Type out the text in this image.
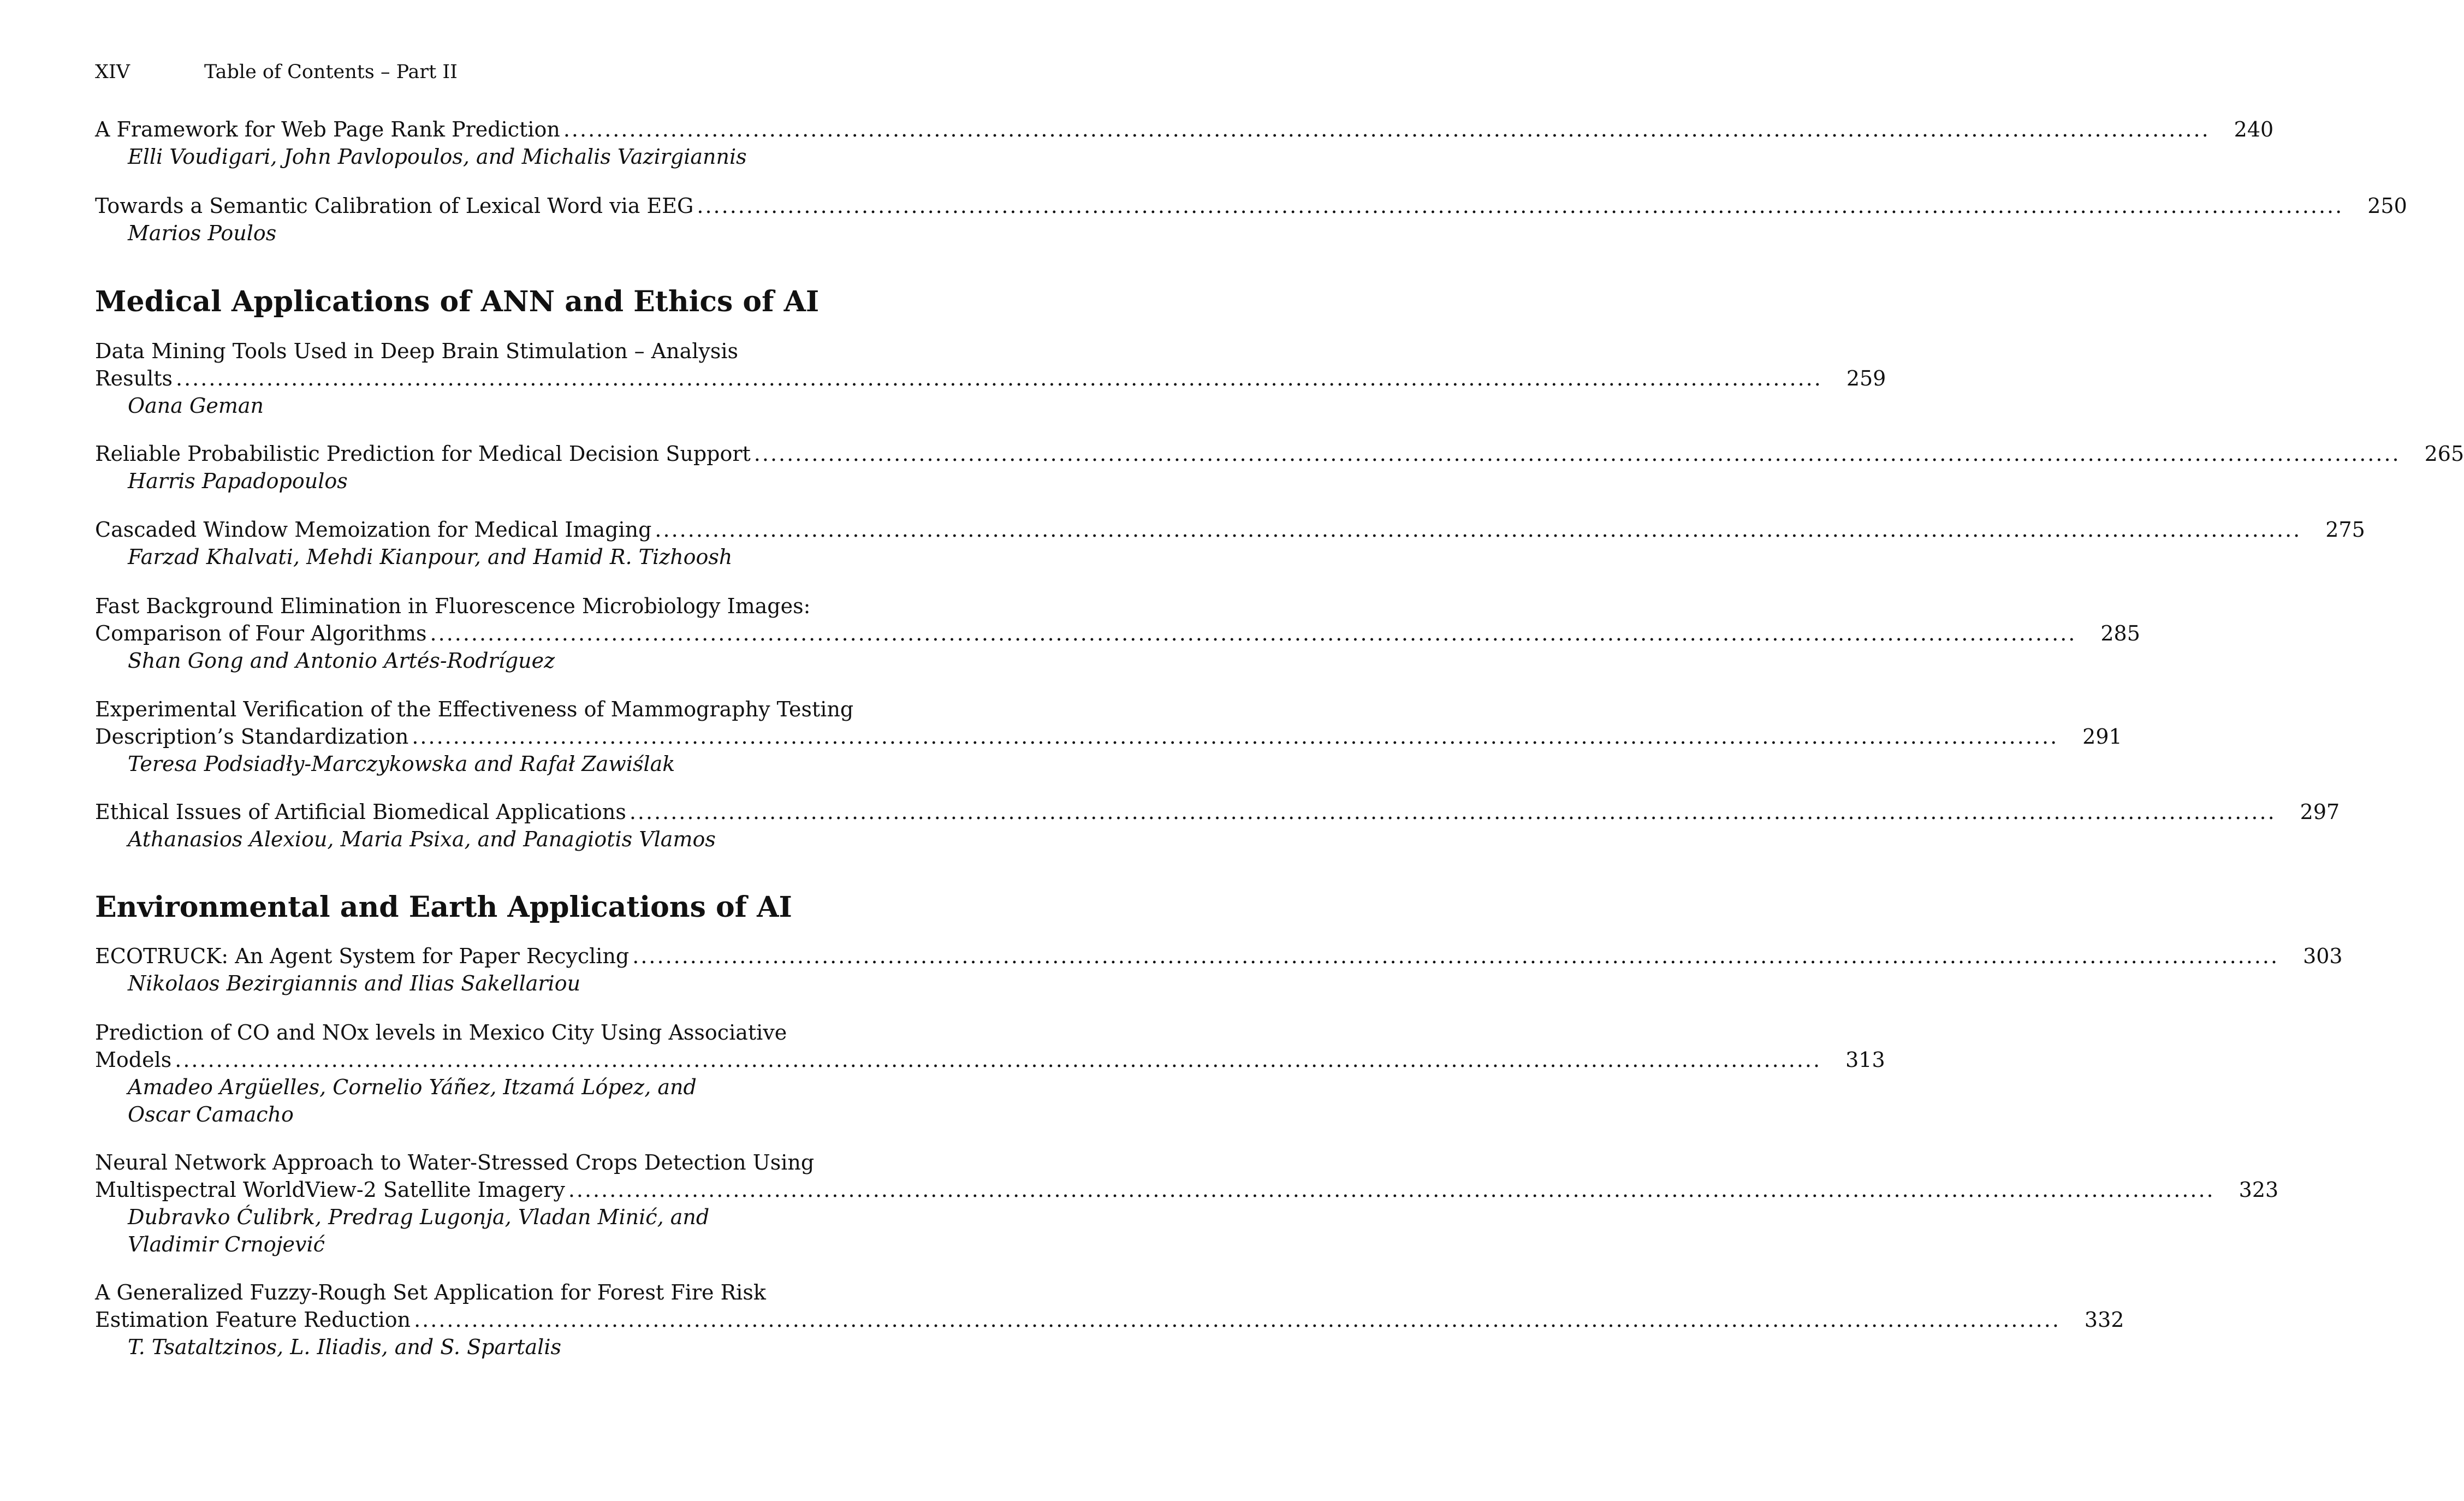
XIV	Table of Contents – Part II
A Framework for Web Page Rank Prediction ........................................................................................................................................................................................................ 240
Elli Voudigari, John Pavlopoulos, and Michalis Vazirgiannis
Towards a Semantic Calibration of Lexical Word via EEG ........................................................................................................................................................................................................ 250
Marios Poulos
Medical Applications of ANN and Ethics of AI
Data Mining Tools Used in Deep Brain Stimulation – Analysis
Results ........................................................................................................................................................................................................ 259
Oana Geman
Reliable Probabilistic Prediction for Medical Decision Support ........................................................................................................................................................................................................ 265
Harris Papadopoulos
Cascaded Window Memoization for Medical Imaging ........................................................................................................................................................................................................ 275
Farzad Khalvati, Mehdi Kianpour, and Hamid R. Tizhoosh
Fast Background Elimination in Fluorescence Microbiology Images:
Comparison of Four Algorithms ........................................................................................................................................................................................................ 285
Shan Gong and Antonio Artés-Rodríguez
Experimental Verification of the Effectiveness of Mammography Testing
Description’s Standardization ........................................................................................................................................................................................................ 291
Teresa Podsiadły-Marczykowska and Rafał Zawiślak
Ethical Issues of Artificial Biomedical Applications ........................................................................................................................................................................................................ 297
Athanasios Alexiou, Maria Psixa, and Panagiotis Vlamos
Environmental and Earth Applications of AI
ECOTRUCK: An Agent System for Paper Recycling ........................................................................................................................................................................................................ 303
Nikolaos Bezirgiannis and Ilias Sakellariou
Prediction of CO and NOx levels in Mexico City Using Associative
Models ........................................................................................................................................................................................................ 313
Amadeo Argüelles, Cornelio Yáñez, Itzamá López, and
Oscar Camacho
Neural Network Approach to Water-Stressed Crops Detection Using
Multispectral WorldView-2 Satellite Imagery ........................................................................................................................................................................................................ 323
Dubravko Ćulibrk, Predrag Lugonja, Vladan Minić, and
Vladimir Crnojević
A Generalized Fuzzy-Rough Set Application for Forest Fire Risk
Estimation Feature Reduction ........................................................................................................................................................................................................ 332
T. Tsataltzinos, L. Iliadis, and S. Spartalis
